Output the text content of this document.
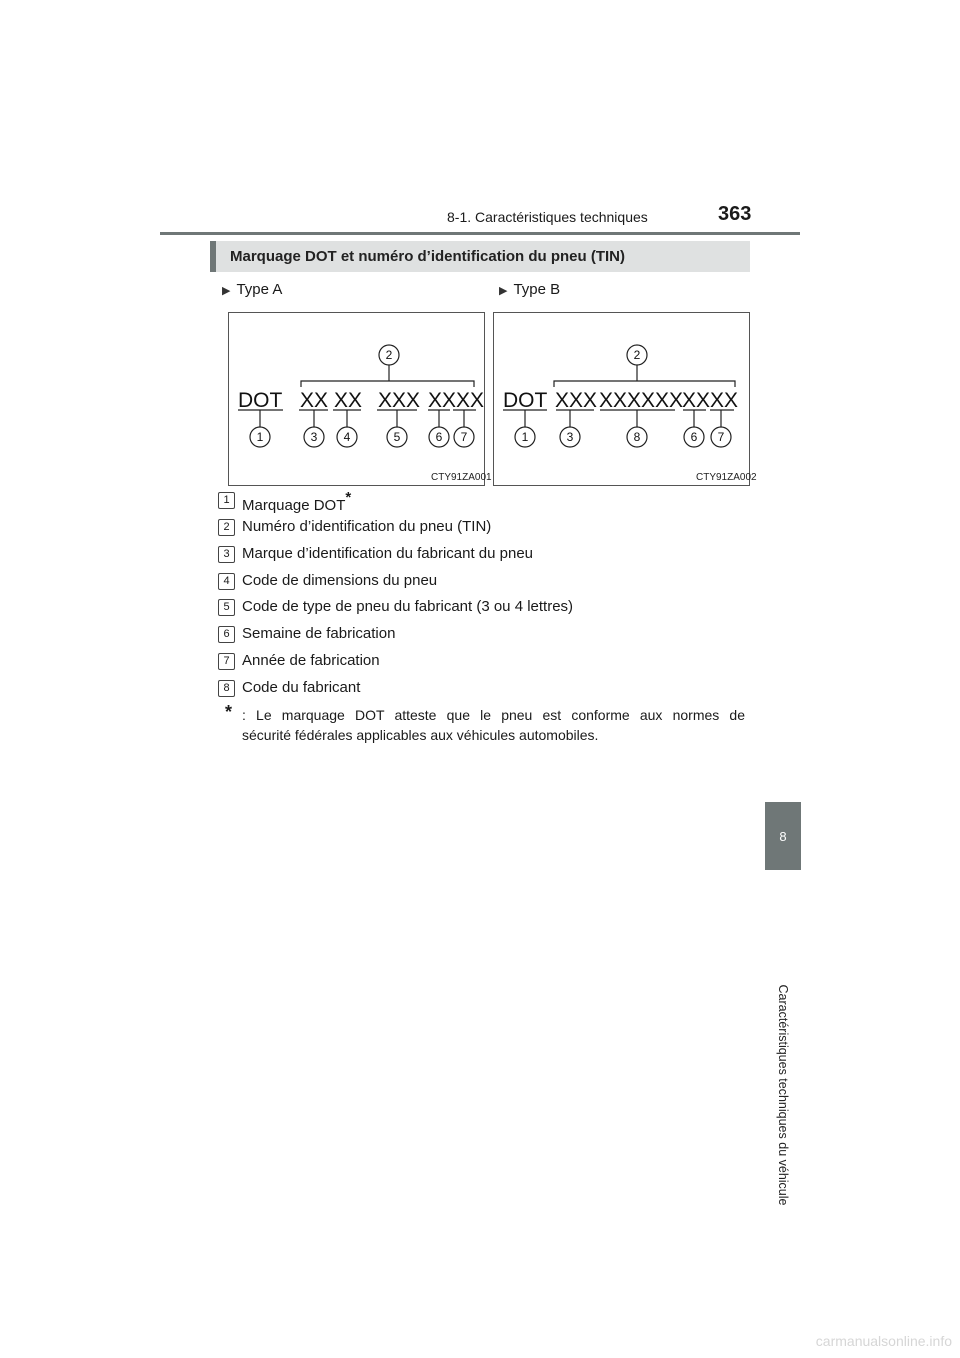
8-1. Caractéristiques techniques	363
8
Caractéristiques techniques du véhicule
Marquage DOT et numéro d’identification du pneu (TIN)
▶ Type A	▶ Type B
DOT XX XX XXX XXXX
2
1	3 4	5	6 7
CTY91ZA001
DOT XXX XXXXXX
XXXX
2
1	3	8	6 7
CTY91ZA002
1 Marquage DOT*
2 Numéro d’identification du pneu (TIN)
3 Marque d’identification du fabricant du pneu
4 Code de dimensions du pneu
5 Code de type de pneu du fabricant (3 ou 4 lettres)
6 Semaine de fabrication
7 Année de fabrication
8 Code du fabricant
* : Le marquage DOT atteste que le pneu est conforme aux normes de
sécurité fédérales applicables aux véhicules automobiles.
carmanualsonline.info
